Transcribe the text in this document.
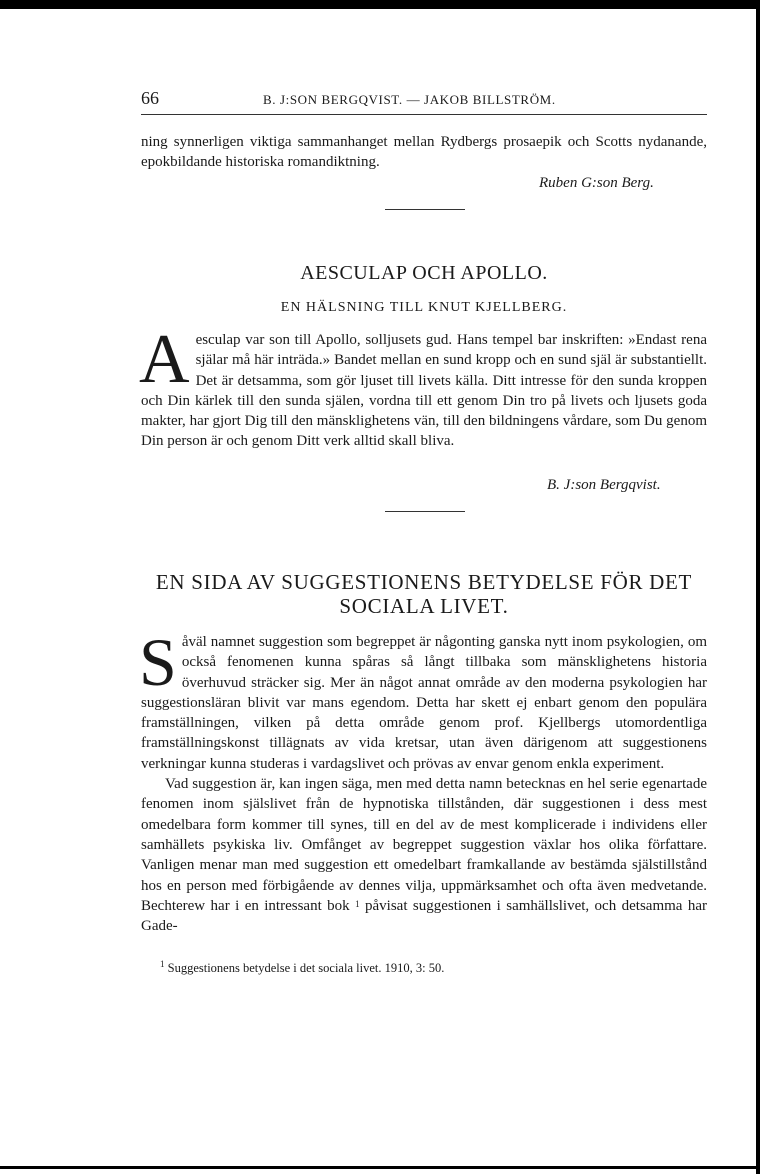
66	B. J:SON BERGQVIST. — JAKOB BILLSTRÖM.
ning synnerligen viktiga sammanhanget mellan Rydbergs prosaepik och Scotts nydanande, epokbildande historiska romandiktning.
Ruben G:son Berg.
AESCULAP OCH APOLLO.
EN HÄLSNING TILL KNUT KJELLBERG.
A esculap var son till Apollo, solljusets gud. Hans tempel bar inskriften: »Endast rena själar må här inträda.» Bandet mellan en sund kropp och en sund själ är substantiellt. Det är detsamma, som gör ljuset till livets källa. Ditt intresse för den sunda kroppen och Din kärlek till den sunda själen, vordna till ett genom Din tro på livets och ljusets goda makter, har gjort Dig till den mänsklighetens vän, till den bildningens vårdare, som Du genom Din person är och genom Ditt verk alltid skall bliva.
B. J:son Bergqvist.
EN SIDA AV SUGGESTIONENS BETYDELSE FÖR DET
SOCIALA LIVET.

S åväl namnet suggestion som begreppet är någonting ganska nytt inom psykologien, om också fenomenen kunna spåras så långt tillbaka som mänsklighetens historia överhuvud sträcker sig. Mer än något annat område av den moderna psykologien har suggestionsläran blivit var mans egendom. Detta har skett ej enbart genom den populära framställningen, vilken på detta område genom prof. Kjellbergs utomordentliga framställningskonst tillägnats av vida kretsar, utan även därigenom att suggestionens verkningar kunna studeras i vardagslivet och prövas av envar genom enkla experiment.

Vad suggestion är, kan ingen säga, men med detta namn betecknas en hel serie egenartade fenomen inom själslivet från de hypnotiska tillstånden, där suggestionen i dess mest omedelbara form kommer till synes, till en del av de mest komplicerade i individens eller samhällets psykiska liv. Omfånget av begreppet suggestion växlar hos olika författare. Vanligen menar man med suggestion ett omedelbart framkallande av bestämda själstillstånd hos en person med förbigående av dennes vilja, uppmärksamhet och ofta även medvetande. Bechterew har i en intressant bok $^1$ påvisat suggestionen i samhällslivet, och detsamma har Gade-

$^1$ Suggestionens betydelse i det sociala livet. 1910, 3: 50.
